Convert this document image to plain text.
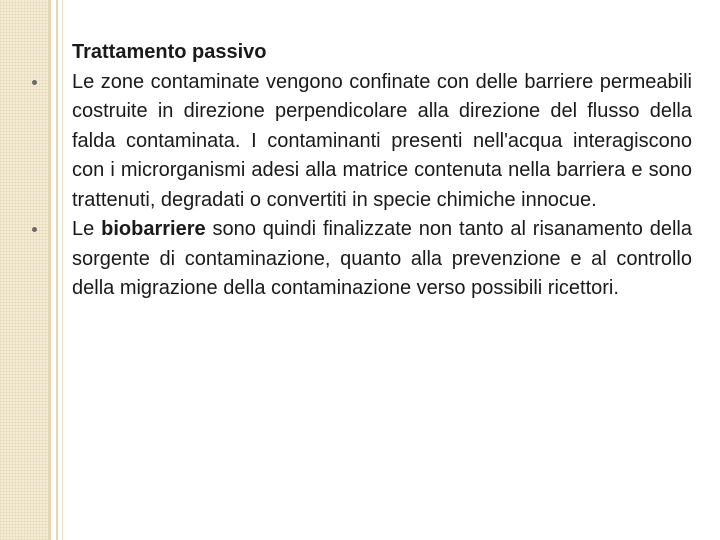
Trattamento passivo

Le zone contaminate vengono confinate con delle barriere permeabili costruite in direzione perpendicolare alla direzione del flusso della falda contaminata. I contaminanti presenti nell'acqua interagiscono con i microrganismi adesi alla matrice contenuta nella barriera e sono trattenuti, degradati o convertiti in specie chimiche innocue.

Le biobarriere sono quindi finalizzate non tanto al risanamento della sorgente di contaminazione, quanto alla prevenzione e al controllo della migrazione della contaminazione verso possibili ricettori.
